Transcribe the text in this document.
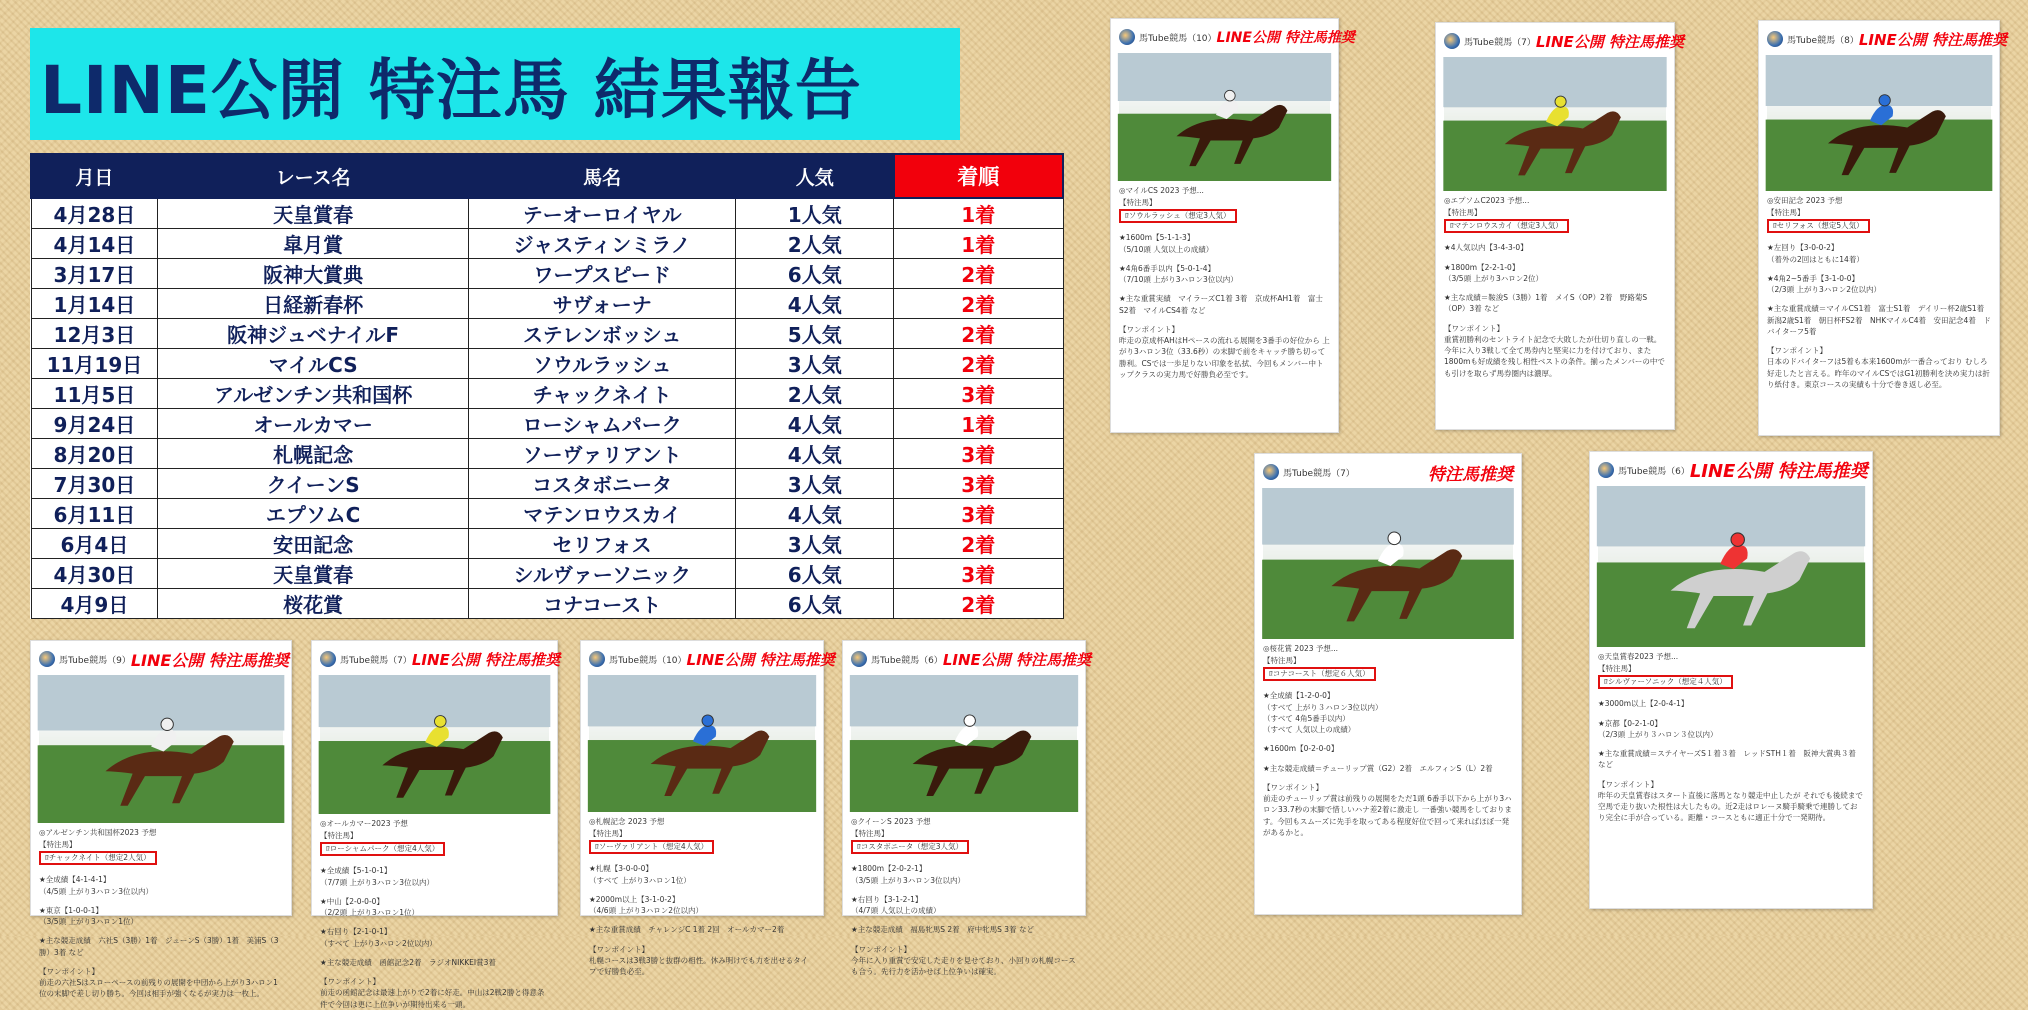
LINE公開 特注馬 結果報告
月日	レース名	馬名	人気	着順
4月28日	天皇賞春	テーオーロイヤル	1人気	1着
4月14日	皐月賞	ジャスティンミラノ	2人気	1着
3月17日	阪神大賞典	ワープスピード	6人気	2着
1月14日	日経新春杯	サヴォーナ	4人気	2着
12月3日	阪神ジュベナイルF	ステレンボッシュ	5人気	2着
11月19日	マイルCS	ソウルラッシュ	3人気	2着
11月5日	アルゼンチン共和国杯	チャックネイト	2人気	3着
9月24日	オールカマー	ローシャムパーク	4人気	1着
8月20日	札幌記念	ソーヴァリアント	4人気	3着
7月30日	クイーンS	コスタボニータ	3人気	3着
6月11日	エプソムC	マテンロウスカイ	4人気	3着
6月4日	安田記念	セリフォス	3人気	2着
4月30日	天皇賞春	シルヴァーソニック	6人気	3着
4月9日	桜花賞	コナコースト	6人気	2着
馬Tube競馬（10） LINE公開 特注馬推奨
◎マイルCS 2023 予想...
【特注馬】
ﾛソウルラッシュ（想定3人気）
★1600m【5-1-1-3】
（5/10頭 人気以上の成績）
★4角6番手以内【5-0-1-4】
（7/10頭 上がり3ハロン3位以内）
★主な重賞実績　マイラーズC1着 3着　京成杯AH1着　富士S2着　マイルCS4着 など
【ワンポイント】
昨走の京成杯AHはHペースの流れる展開を3番手の好位から 上がり3ハロン3位（33.6秒）の末脚で前をキャッチ勝ち切って勝利。CSでは一歩足りない印象を払拭、今回もメンバー中トップクラスの実力馬で好勝負必至です。
馬Tube競馬（7） LINE公開 特注馬推奨
◎エプソムC2023 予想...
【特注馬】
ﾛマテンロウスカイ（想定3人気）
★4人気以内【3-4-3-0】
★1800m【2-2-1-0】
（3/5頭 上がり3ハロン2位）
★主な成績＝鞍浚S（3勝）1着　メイS（OP）2着　野路菊S（OP）3着 など
【ワンポイント】
重賞初勝利のセントライト記念で大敗したが仕切り直しの一戦。今年に入り3戦して全て馬券内と堅実に力を付けており、また1800mも好成績を残し相性ベストの条件。揃ったメンバーの中でも引けを取らず馬券圏内は濃厚。
馬Tube競馬（8） LINE公開 特注馬推奨
◎安田記念 2023 予想
【特注馬】
ﾛセリフォス（想定5人気）
★左回り【3-0-0-2】
（着外の2回はともに14着）
★4角2~5番手【3-1-0-0】
（2/3頭 上がり3ハロン2位以内）
★主な重賞成績＝マイルCS1着　富士S1着　デイリー杯2歳S1着　新潟2歳S1着　朝日杯FS2着　NHKマイルC4着　安田記念4着　ドバイターフ5着
【ワンポイント】
日本のドバイターフは5着も本来1600mが一番合っており むしろ好走したと言える。昨年のマイルCSではG1初勝利を決め実力は折り紙付き。東京コースの実績も十分で巻き返し必至。
馬Tube競馬（7）	特注馬推奨
◎桜花賞 2023 予想...
【特注馬】
ﾛコナコースト（想定６人気）
★全成績【1-2-0-0】
（すべて 上がり３ハロン3位以内）
（すべて 4角5番手以内）
（すべて 人気以上の成績）
★1600m【0-2-0-0】
★主な競走成績＝チューリップ賞（G2）2着　エルフィンS（L）2着
【ワンポイント】
前走のチューリップ賞は前残りの展開をただ1頭 6番手以下から上がり3ハロン33.7秒の末脚で惜しいハナ差2着に激走し 一番強い競馬をしております。今回もスムーズに先手を取ってある程度好位で回って来ればほぼ一発があるかと。
馬Tube競馬（6） LINE公開 特注馬推奨
◎天皇賞春2023 予想...
【特注馬】
ﾛシルヴァーソニック（想定４人気）
★3000m以上【2-0-4-1】
★京都【0-2-1-0】
（2/3頭 上がり３ハロン３位以内）
★主な重賞成績＝ステイヤーズS１着３着　レッドSTH１着　阪神大賞典３着 など
【ワンポイント】
昨年の天皇賞春はスタート直後に落馬となり競走中止したが それでも後続まで空馬で走り抜いた根性は大したもの。近2走はロレーヌ騎手騎乗で連勝しており完全に手が合っている。距離・コースともに適正十分で一発期待。
馬Tube競馬（9） LINE公開 特注馬推奨
◎アルゼンチン共和国杯2023 予想
【特注馬】
ﾛチャックネイト（想定2人気）
★全成績【4-1-4-1】
（4/5頭 上がり3ハロン3位以内）
★東京【1-0-0-1】
（3/5頭 上がり3ハロン1位）
★主な競走成績　六社S（3勝）1着　ジューンS（3勝）1着　美浦S（3勝）3着 など
【ワンポイント】
前走の六社Sはスローペースの前残りの展開を中団から上がり3ハロン1位の末脚で差し切り勝ち。今回は相手が強くなるが実力は一枚上。
馬Tube競馬（7） LINE公開 特注馬推奨
◎オールカマー2023 予想
【特注馬】
ﾛローシャムパーク（想定4人気）
★全成績【5-1-0-1】
（7/7頭 上がり3ハロン3位以内）
★中山【2-0-0-0】
（2/2頭 上がり3ハロン1位）
★右回り【2-1-0-1】
（すべて 上がり3ハロン2位以内）
★主な競走成績　函館記念2着　ラジオNIKKEI賞3着
【ワンポイント】
前走の函館記念は最速上がりで2着に好走。中山は2戦2勝と得意条件で今回は更に上位争いが期待出来る一頭。
馬Tube競馬（10） LINE公開 特注馬推奨
◎札幌記念 2023 予想
【特注馬】
ﾛソーヴァリアント（想定4人気）
★札幌【3-0-0-0】
（すべて 上がり3ハロン1位）
★2000m以上【3-1-0-2】
（4/6頭 上がり3ハロン2位以内）
★主な重賞成績　チャレンジC 1着 2回　オールカマー2着
【ワンポイント】
札幌コースは3戦3勝と抜群の相性。休み明けでも力を出せるタイプで好勝負必至。
馬Tube競馬（6） LINE公開 特注馬推奨
◎クイーンS 2023 予想
【特注馬】
ﾛコスタボニータ（想定3人気）
★1800m【2-0-2-1】
（3/5頭 上がり3ハロン3位以内）
★右回り【3-1-2-1】
（4/7頭 人気以上の成績）
★主な競走成績　福島牝馬S 2着　府中牝馬S 3着 など
【ワンポイント】
今年に入り重賞で安定した走りを見せており、小回りの札幌コースも合う。先行力を活かせば上位争いは確実。
